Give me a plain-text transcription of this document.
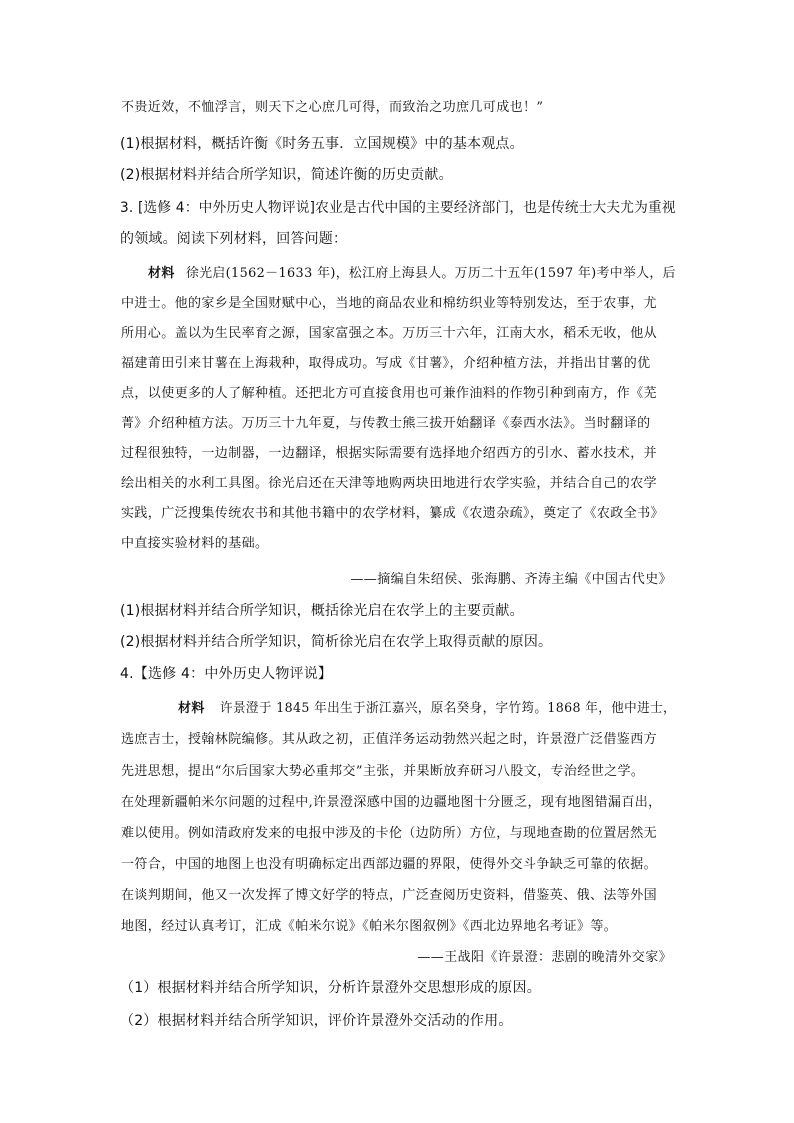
不贵近效，不恤浮言，则天下之心庶几可得，而致治之功庶几可成也！”
(1)根据材料，概括许衡《时务五事．立国规模》中的基本观点。
(2)根据材料并结合所学知识，简述许衡的历史贡献。
3. [选修 4：中外历史人物评说]农业是古代中国的主要经济部门，也是传统士大夫尤为重视
的领域。阅读下列材料，回答问题：
材料 徐光启(1562－1633 年)，松江府上海县人。万历二十五年(1597 年)考中举人，后
中进士。他的家乡是全国财赋中心，当地的商品农业和棉纺织业等特别发达，至于农事，尤
所用心。盖以为生民率育之源，国家富强之本。万历三十六年，江南大水，稻禾无收，他从
福建莆田引来甘薯在上海栽种，取得成功。写成《甘薯》，介绍种植方法，并指出甘薯的优
点，以使更多的人了解种植。还把北方可直接食用也可兼作油料的作物引种到南方，作《芜
菁》介绍种植方法。万历三十九年夏，与传教士熊三拔开始翻译《泰西水法》。当时翻译的
过程很独特，一边制器，一边翻译，根据实际需要有选择地介绍西方的引水、蓄水技术，并
绘出相关的水利工具图。徐光启还在天津等地购两块田地进行农学实验，并结合自己的农学
实践，广泛搜集传统农书和其他书籍中的农学材料，纂成《农遗杂疏》，奠定了《农政全书》
中直接实验材料的基础。
——摘编自朱绍侯、张海鹏、齐涛主编《中国古代史》
(1)根据材料并结合所学知识，概括徐光启在农学上的主要贡献。
(2)根据材料并结合所学知识，简析徐光启在农学上取得贡献的原因。
4.【选修 4：中外历史人物评说】
材料 许景澄于 1845 年出生于浙江嘉兴，原名癸身，字竹筠。1868 年，他中进士，
选庶吉士，授翰林院编修。其从政之初，正值洋务运动勃然兴起之时，许景澄广泛借鉴西方
先进思想，提出“尔后国家大势必重邦交”主张，并果断放弃研习八股文，专治经世之学。
在处理新疆帕米尔问题的过程中,许景澄深感中国的边疆地图十分匮乏，现有地图错漏百出，
难以使用。例如清政府发来的电报中涉及的卡伦（边防所）方位，与现地查勘的位置居然无
一符合，中国的地图上也没有明确标定出西部边疆的界限，使得外交斗争缺乏可靠的依据。
在谈判期间，他又一次发挥了博文好学的特点，广泛查阅历史资料，借鉴英、俄、法等外国
地图，经过认真考订，汇成《帕米尔说》《帕米尔图叙例》《西北边界地名考证》等。
——王战阳《许景澄：悲剧的晚清外交家》
（1）根据材料并结合所学知识，分析许景澄外交思想形成的原因。
（2）根据材料并结合所学知识，评价许景澄外交活动的作用。
